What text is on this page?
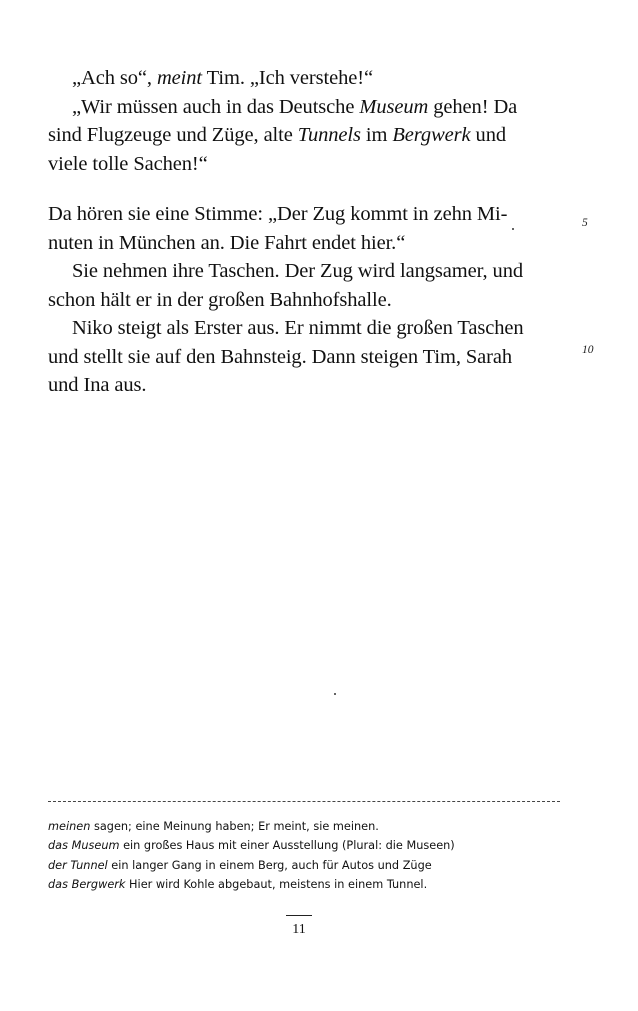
„Ach so“, meint Tim. „Ich verstehe!“
„Wir müssen auch in das Deutsche Museum gehen! Da
sind Flugzeuge und Züge, alte Tunnels im Bergwerk und
viele tolle Sachen!“
Da hören sie eine Stimme: „Der Zug kommt in zehn Mi-
nuten in München an. Die Fahrt endet hier.“
Sie nehmen ihre Taschen. Der Zug wird langsamer, und
schon hält er in der großen Bahnhofshalle.
Niko steigt als Erster aus. Er nimmt die großen Taschen
und stellt sie auf den Bahnsteig. Dann steigen Tim, Sarah
und Ina aus.
5
10
meinen sagen; eine Meinung haben; Er meint, sie meinen.
das Museum ein großes Haus mit einer Ausstellung (Plural: die Museen)
der Tunnel ein langer Gang in einem Berg, auch für Autos und Züge
das Bergwerk Hier wird Kohle abgebaut, meistens in einem Tunnel.
11
